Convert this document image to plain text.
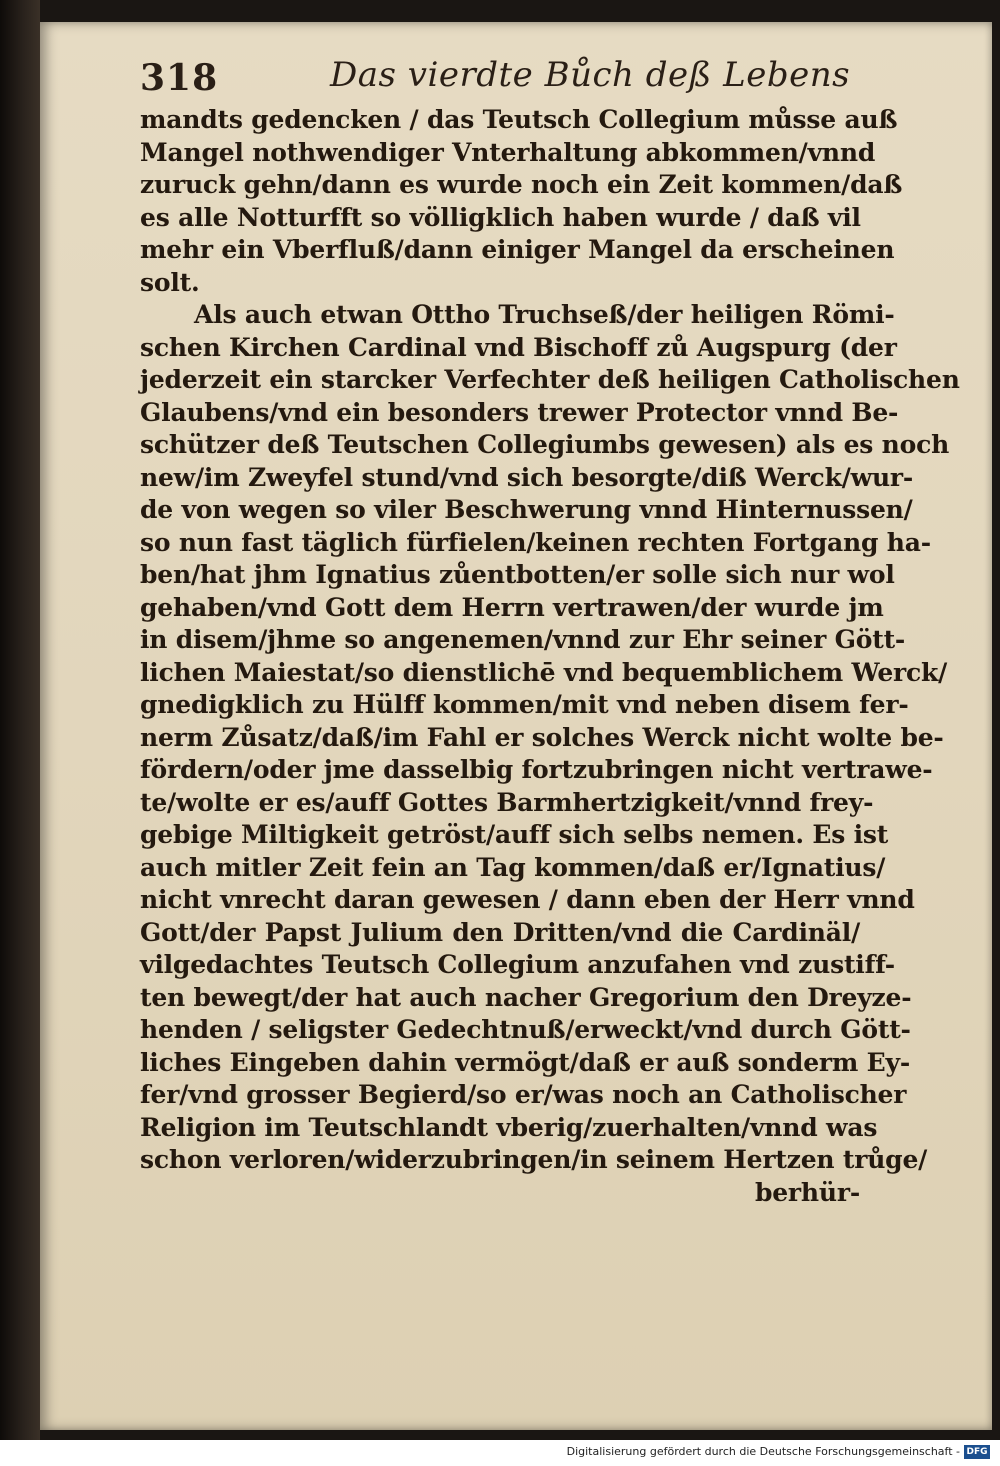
318	Das vierdte Bůch deß Lebens
mandts gedencken / das Teutsch Collegium můsse auß
Mangel nothwendiger Vnterhaltung abkommen/vnnd
zuruck gehn/dann es wurde noch ein Zeit kommen/daß
es alle Notturfft so völligklich haben wurde / daß vil
mehr ein Vberfluß/dann einiger Mangel da erscheinen
solt.
Als auch etwan Ottho Truchseß/der heiligen Römi-
schen Kirchen Cardinal vnd Bischoff zů Augspurg (der
jederzeit ein starcker Verfechter deß heiligen Catholischen
Glaubens/vnd ein besonders trewer Protector vnnd Be-
schützer deß Teutschen Collegiumbs gewesen) als es noch
new/im Zweyfel stund/vnd sich besorgte/diß Werck/wur-
de von wegen so viler Beschwerung vnnd Hinternussen/
so nun fast täglich fürfielen/keinen rechten Fortgang ha-
ben/hat jhm Ignatius zůentbotten/er solle sich nur wol
gehaben/vnd Gott dem Herrn vertrawen/der wurde jm
in disem/jhme so angenemen/vnnd zur Ehr seiner Gött-
lichen Maiestat/so dienstlichē vnd bequemblichem Werck/
gnedigklich zu Hülff kommen/mit vnd neben disem fer-
nerm Zůsatz/daß/im Fahl er solches Werck nicht wolte be-
fördern/oder jme dasselbig fortzubringen nicht vertrawe-
te/wolte er es/auff Gottes Barmhertzigkeit/vnnd frey-
gebige Miltigkeit getröst/auff sich selbs nemen. Es ist
auch mitler Zeit fein an Tag kommen/daß er/Ignatius/
nicht vnrecht daran gewesen / dann eben der Herr vnnd
Gott/der Papst Julium den Dritten/vnd die Cardinäl/
vilgedachtes Teutsch Collegium anzufahen vnd zustiff-
ten bewegt/der hat auch nacher Gregorium den Dreyze-
henden / seligster Gedechtnuß/erweckt/vnd durch Gött-
liches Eingeben dahin vermögt/daß er auß sonderm Ey-
fer/vnd grosser Begierd/so er/was noch an Catholischer
Religion im Teutschlandt vberig/zuerhalten/vnnd was
schon verloren/widerzubringen/in seinem Hertzen trůge/
berhür-
Digitalisierung gefördert durch die Deutsche Forschungsgemeinschaft - DFG
